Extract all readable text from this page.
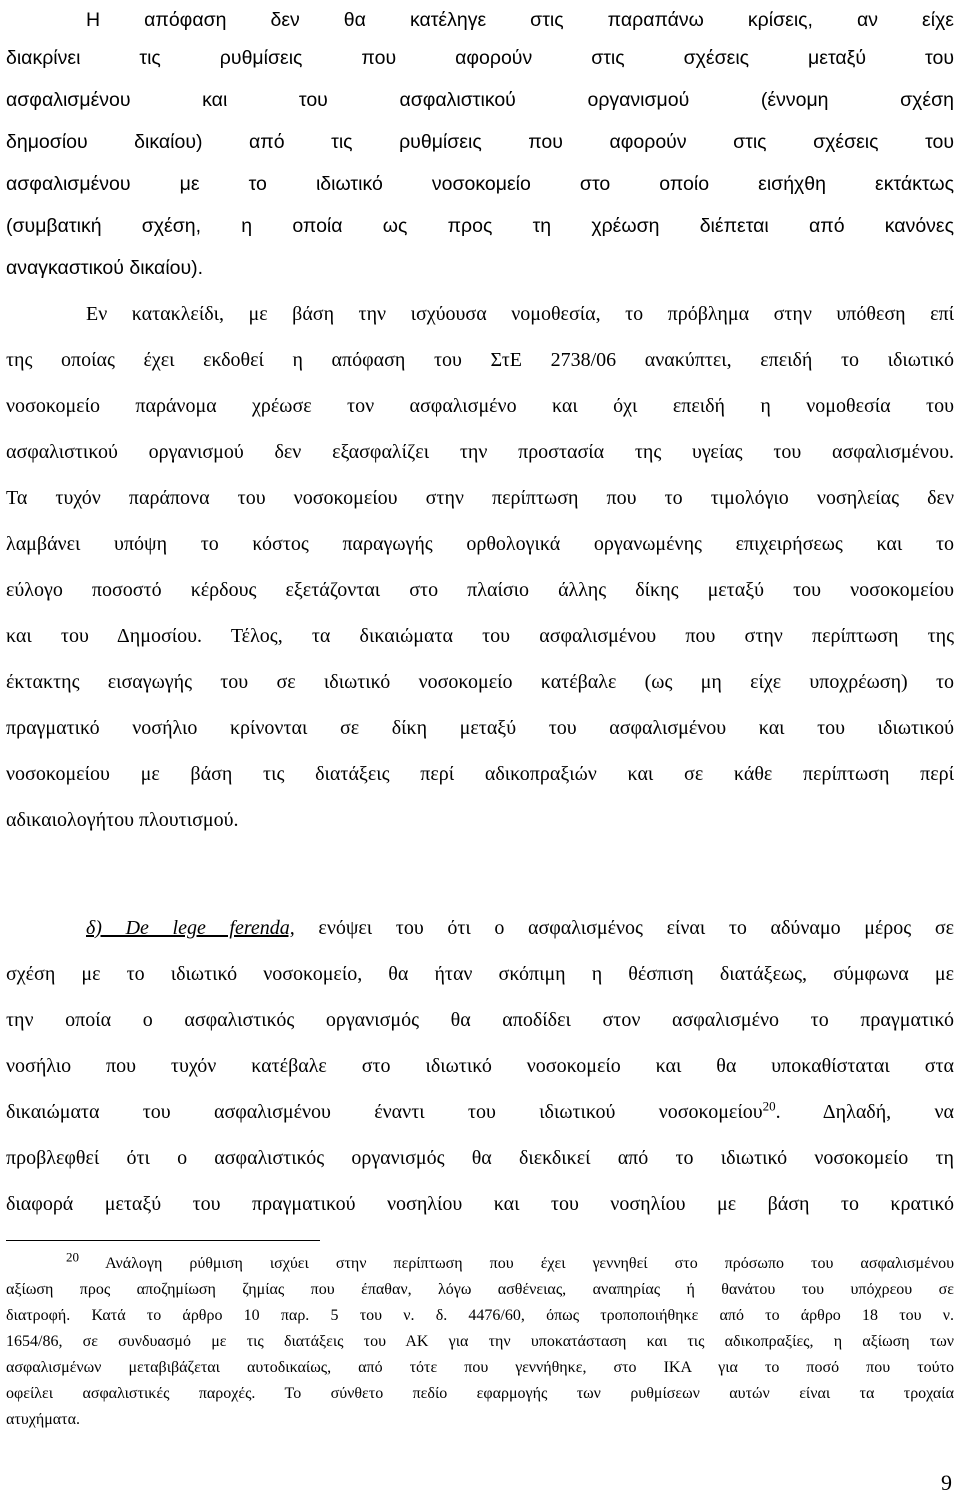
Η απόφαση δεν θα κατέληγε στις παραπάνω κρίσεις, αν είχε
διακρίνει τις ρυθμίσεις που αφορούν στις σχέσεις μεταξύ του
ασφαλισμένου και του ασφαλιστικού οργανισμού (έννομη σχέση
δημοσίου δικαίου) από τις ρυθμίσεις που αφορούν στις σχέσεις του
ασφαλισμένου με το ιδιωτικό νοσοκομείο στο οποίο εισήχθη εκτάκτως
(συμβατική σχέση, η οποία ως προς τη χρέωση διέπεται από κανόνες
αναγκαστικού δικαίου).
Εν κατακλείδι, με βάση την ισχύουσα νομοθεσία, το πρόβλημα στην υπόθεση επί
της οποίας έχει εκδοθεί η απόφαση του ΣτΕ 2738/06 ανακύπτει, επειδή το ιδιωτικό
νοσοκομείο παράνομα χρέωσε τον ασφαλισμένο και όχι επειδή η νομοθεσία του
ασφαλιστικού οργανισμού δεν εξασφαλίζει την προστασία της υγείας του ασφαλισμένου.
Τα τυχόν παράπονα του νοσοκομείου στην περίπτωση που το τιμολόγιο νοσηλείας δεν
λαμβάνει υπόψη το κόστος παραγωγής ορθολογικά οργανωμένης επιχειρήσεως και το
εύλογο ποσοστό κέρδους εξετάζονται στο πλαίσιο άλλης δίκης μεταξύ του νοσοκομείου
και του Δημοσίου. Τέλος, τα δικαιώματα του ασφαλισμένου που στην περίπτωση της
έκτακτης εισαγωγής του σε ιδιωτικό νοσοκομείο κατέβαλε (ως μη είχε υποχρέωση) το
πραγματικό νοσήλιο κρίνονται σε δίκη μεταξύ του ασφαλισμένου και του ιδιωτικού
νοσοκομείου με βάση τις διατάξεις περί αδικοπραξιών και σε κάθε περίπτωση περί
αδικαιολογήτου πλουτισμού.
δ) De lege ferenda, ενόψει του ότι ο ασφαλισμένος είναι το αδύναμο μέρος σε
σχέση με το ιδιωτικό νοσοκομείο, θα ήταν σκόπιμη η θέσπιση διατάξεως, σύμφωνα με
την οποία ο ασφαλιστικός οργανισμός θα αποδίδει στον ασφαλισμένο το πραγματικό
νοσήλιο που τυχόν κατέβαλε στο ιδιωτικό νοσοκομείο και θα υποκαθίσταται στα
δικαιώματα του ασφαλισμένου έναντι του ιδιωτικού νοσοκομείου$^{20}$. Δηλαδή, να
προβλεφθεί ότι ο ασφαλιστικός οργανισμός θα διεκδικεί από το ιδιωτικό νοσοκομείο τη
διαφορά μεταξύ του πραγματικού νοσηλίου και του νοσηλίου με βάση το κρατικό
$^{20}$ Ανάλογη ρύθμιση ισχύει στην περίπτωση που έχει γεννηθεί στο πρόσωπο του ασφαλισμένου
αξίωση προς αποζημίωση ζημίας που έπαθαν, λόγω ασθένειας, αναπηρίας ή θανάτου του υπόχρεου σε
διατροφή. Κατά το άρθρο 10 παρ. 5 του ν. δ. 4476/60, όπως τροποποιήθηκε από το άρθρο 18 του ν.
1654/86, σε συνδυασμό με τις διατάξεις του ΑΚ για την υποκατάσταση και τις αδικοπραξίες, η αξίωση των
ασφαλισμένων μεταβιβάζεται αυτοδικαίως, από τότε που γεννήθηκε, στο ΙΚΑ για το ποσό που τούτο
οφείλει ασφαλιστικές παροχές. Το σύνθετο πεδίο εφαρμογής των ρυθμίσεων αυτών είναι τα τροχαία
ατυχήματα.
9
